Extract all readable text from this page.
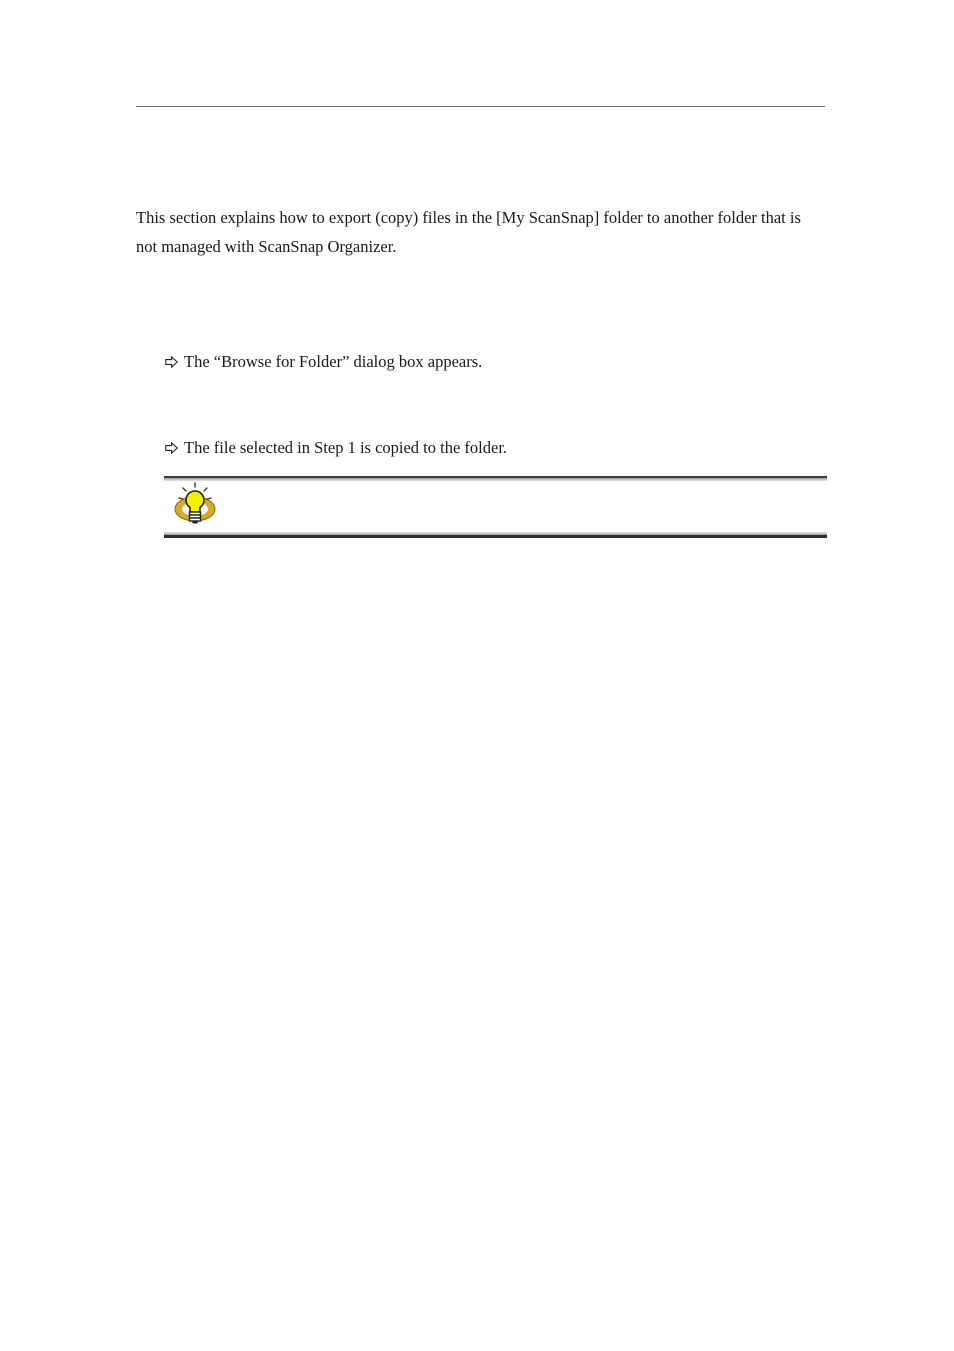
This section explains how to export (copy) files in the [My ScanSnap] folder to another folder that is not managed with ScanSnap Organizer.

The “Browse for Folder” dialog box appears.

The file selected in Step 1 is copied to the folder.
